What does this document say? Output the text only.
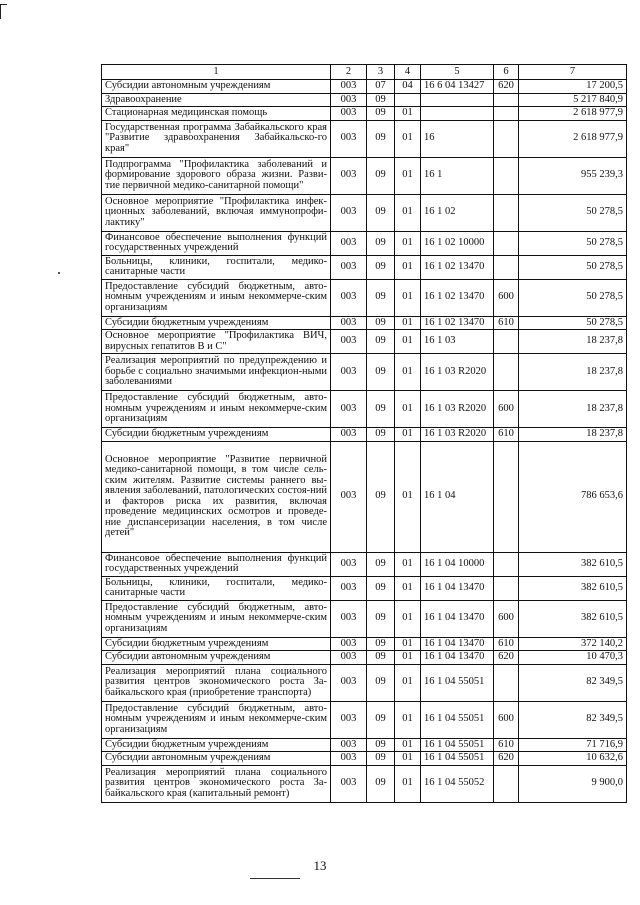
1	2	3	4	5	6	7
Субсидии автономным учреждениям	003	07	04	16 6 04 13427	620	17 200,5
Здравоохранение	003	09				5 217 840,9
Стационарная медицинская помощь	003	09	01			2 618 977,9
Государственная программа Забайкальского края "Развитие здравоохранения Забайкальско-го края"	003	09	01	16		2 618 977,9
Подпрограмма "Профилактика заболеваний и формирование здорового образа жизни. Разви-тие первичной медико-санитарной помощи"	003	09	01	16 1		955 239,3
Основное мероприятие "Профилактика инфек-ционных заболеваний, включая иммунопрофи-лактику"	003	09	01	16 1 02		50 278,5
Финансовое обеспечение выполнения функций государственных учреждений	003	09	01	16 1 02 10000		50 278,5
Больницы, клиники, госпитали, медико-санитарные части	003	09	01	16 1 02 13470		50 278,5
Предоставление субсидий бюджетным, авто-номным учреждениям и иным некоммерче-ским организациям	003	09	01	16 1 02 13470	600	50 278,5
Субсидии бюджетным учреждениям	003	09	01	16 1 02 13470	610	50 278,5
Основное мероприятие "Профилактика ВИЧ, вирусных гепатитов В и С"	003	09	01	16 1 03		18 237,8
Реализация мероприятий по предупреждению и борьбе с социально значимыми инфекцион-ными заболеваниями	003	09	01	16 1 03 R2020		18 237,8
Предоставление субсидий бюджетным, авто-номным учреждениям и иным некоммерче-ским организациям	003	09	01	16 1 03 R2020	600	18 237,8
Субсидии бюджетным учреждениям	003	09	01	16 1 03 R2020	610	18 237,8
Основное мероприятие "Развитие первичной медико-санитарной помощи, в том числе сель-ским жителям. Развитие системы раннего вы-явления заболеваний, патологических состоя-ний и факторов риска их развития, включая проведение медицинских осмотров и проведе-ние диспансеризации населения, в том числе детей"	003	09	01	16 1 04		786 653,6
Финансовое обеспечение выполнения функций государственных учреждений	003	09	01	16 1 04 10000		382 610,5
Больницы, клиники, госпитали, медико-санитарные части	003	09	01	16 1 04 13470		382 610,5
Предоставление субсидий бюджетным, авто-номным учреждениям и иным некоммерче-ским организациям	003	09	01	16 1 04 13470	600	382 610,5
Субсидии бюджетным учреждениям	003	09	01	16 1 04 13470	610	372 140,2
Субсидии автономным учреждениям	003	09	01	16 1 04 13470	620	10 470,3
Реализация мероприятий плана социального развития центров экономического роста За-байкальского края (приобретение транспорта)	003	09	01	16 1 04 55051		82 349,5
Предоставление субсидий бюджетным, авто-номным учреждениям и иным некоммерче-ским организациям	003	09	01	16 1 04 55051	600	82 349,5
Субсидии бюджетным учреждениям	003	09	01	16 1 04 55051	610	71 716,9
Субсидии автономным учреждениям	003	09	01	16 1 04 55051	620	10 632,6
Реализация мероприятий плана социального развития центров экономического роста За-байкальского края (капитальный ремонт)	003	09	01	16 1 04 55052		9 900,0
13
